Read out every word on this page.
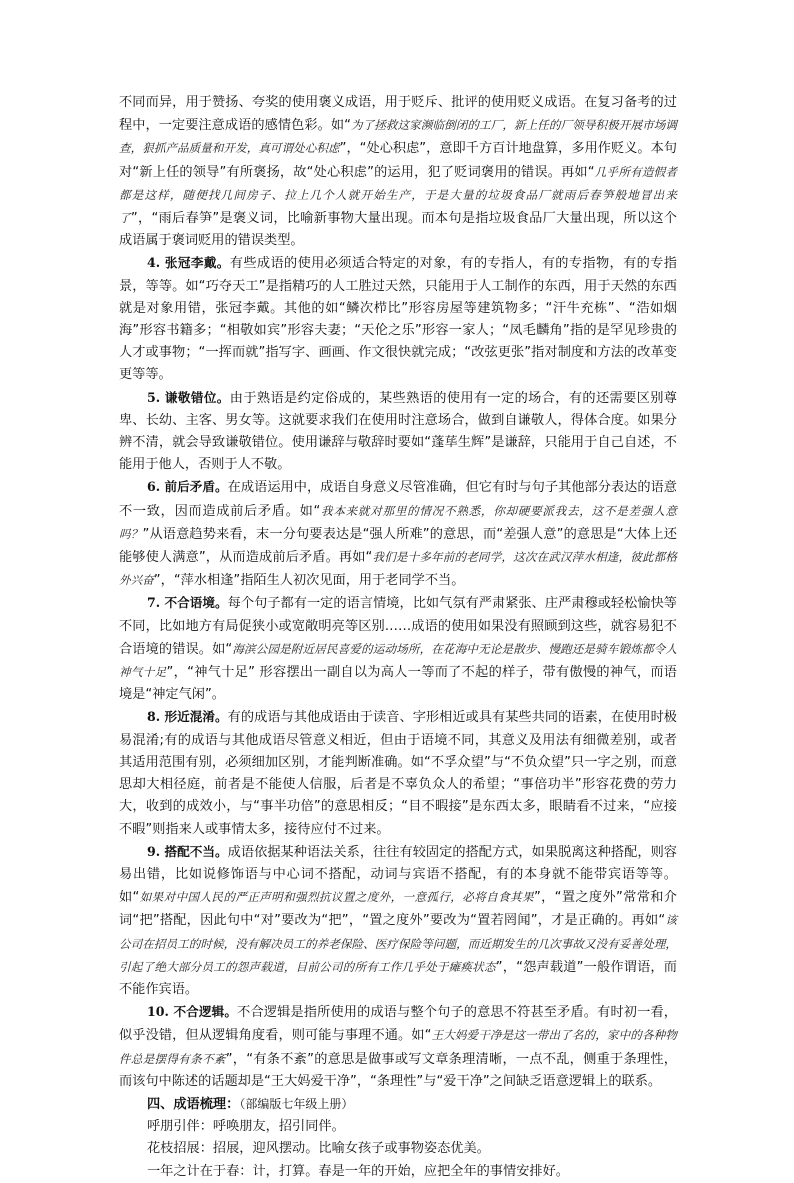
不同而异，用于赞扬、夸奖的使用褒义成语，用于贬斥、批评的使用贬义成语。在复习备考的过程中，一定要注意成语的感情色彩。如“为了拯救这家濒临倒闭的工厂，新上任的厂领导积极开展市场调查，狠抓产品质量和开发，真可谓处心积虑”，“处心积虑”，意即千方百计地盘算，多用作贬义。本句对“新上任的领导”有所褒扬，故“处心积虑”的运用，犯了贬词褒用的错误。再如“几乎所有造假者都是这样，随便找几间房子、拉上几个人就开始生产，于是大量的垃圾食品厂就雨后春笋般地冒出来了”，“雨后春笋”是褒义词，比喻新事物大量出现。而本句是指垃圾食品厂大量出现，所以这个成语属于褒词贬用的错误类型。

4. 张冠李戴。有些成语的使用必须适合特定的对象，有的专指人，有的专指物，有的专指景，等等。如“巧夺天工”是指精巧的人工胜过天然，只能用于人工制作的东西，用于天然的东西就是对象用错，张冠李戴。其他的如“鳞次栉比”形容房屋等建筑物多；“汗牛充栋”、“浩如烟海”形容书籍多；“相敬如宾”形容夫妻；“天伦之乐”形容一家人；“凤毛麟角”指的是罕见珍贵的人才或事物；“一挥而就”指写字、画画、作文很快就完成；“改弦更张”指对制度和方法的改革变更等等。

5. 谦敬错位。由于熟语是约定俗成的，某些熟语的使用有一定的场合，有的还需要区别尊卑、长幼、主客、男女等。这就要求我们在使用时注意场合，做到自谦敬人，得体合度。如果分辨不清，就会导致谦敬错位。使用谦辞与敬辞时要如“蓬荜生辉”是谦辞，只能用于自己自述，不能用于他人，否则于人不敬。

6. 前后矛盾。在成语运用中，成语自身意义尽管准确，但它有时与句子其他部分表达的语意不一致，因而造成前后矛盾。如“我本来就对那里的情况不熟悉，你却硬要派我去，这不是差强人意吗？”从语意趋势来看，末一分句要表达是“强人所难”的意思，而“差强人意”的意思是“大体上还能够使人满意”，从而造成前后矛盾。再如“我们是十多年前的老同学，这次在武汉萍水相逢，彼此都格外兴奋”，“萍水相逢”指陌生人初次见面，用于老同学不当。

7. 不合语境。每个句子都有一定的语言情境，比如气氛有严肃紧张、庄严肃穆或轻松愉快等不同，比如地方有局促狭小或宽敞明亮等区别……成语的使用如果没有照顾到这些，就容易犯不合语境的错误。如“海滨公园是附近居民喜爱的运动场所，在花海中无论是散步、慢跑还是骑车锻炼都令人神气十足”，“神气十足” 形容摆出一副自以为高人一等而了不起的样子，带有傲慢的神气，而语境是“神定气闲”。

8. 形近混淆。有的成语与其他成语由于读音、字形相近或具有某些共同的语素，在使用时极易混淆;有的成语与其他成语尽管意义相近，但由于语境不同，其意义及用法有细微差别，或者其适用范围有别，必须细加区别，才能判断准确。如“不孚众望”与“不负众望”只一字之别，而意思却大相径庭，前者是不能使人信服，后者是不辜负众人的希望；“事倍功半”形容花费的劳力大，收到的成效小，与“事半功倍”的意思相反；“目不暇接”是东西太多，眼睛看不过来，“应接不暇”则指来人或事情太多，接待应付不过来。

9. 搭配不当。成语依据某种语法关系，往往有较固定的搭配方式，如果脱离这种搭配，则容易出错，比如说修饰语与中心词不搭配，动词与宾语不搭配，有的本身就不能带宾语等等。如“如果对中国人民的严正声明和强烈抗议置之度外，一意孤行，必将自食其果”，“置之度外”常常和介词“把”搭配，因此句中“对”要改为“把”，“置之度外”要改为“置若罔闻”，才是正确的。再如“该公司在招员工的时候，没有解决员工的养老保险、医疗保险等问题，而近期发生的几次事故又没有妥善处理，引起了绝大部分员工的怨声载道，目前公司的所有工作几乎处于瘫痪状态”，“怨声载道”一般作谓语，而不能作宾语。

10. 不合逻辑。不合逻辑是指所使用的成语与整个句子的意思不符甚至矛盾。有时初一看，似乎没错，但从逻辑角度看，则可能与事理不通。如“王大妈爱干净是这一带出了名的，家中的各种物件总是摆得有条不紊”，“有条不紊”的意思是做事或写文章条理清晰，一点不乱，侧重于条理性，而该句中陈述的话题却是“王大妈爱干净”，“条理性”与“爱干净”之间缺乏语意逻辑上的联系。

四、成语梳理：（部编版七年级上册）

呼朋引伴：呼唤朋友，招引同伴。

花枝招展：招展，迎风摆动。比喻女孩子或事物姿态优美。

一年之计在于春：计，打算。春是一年的开始，应把全年的事情安排好。
